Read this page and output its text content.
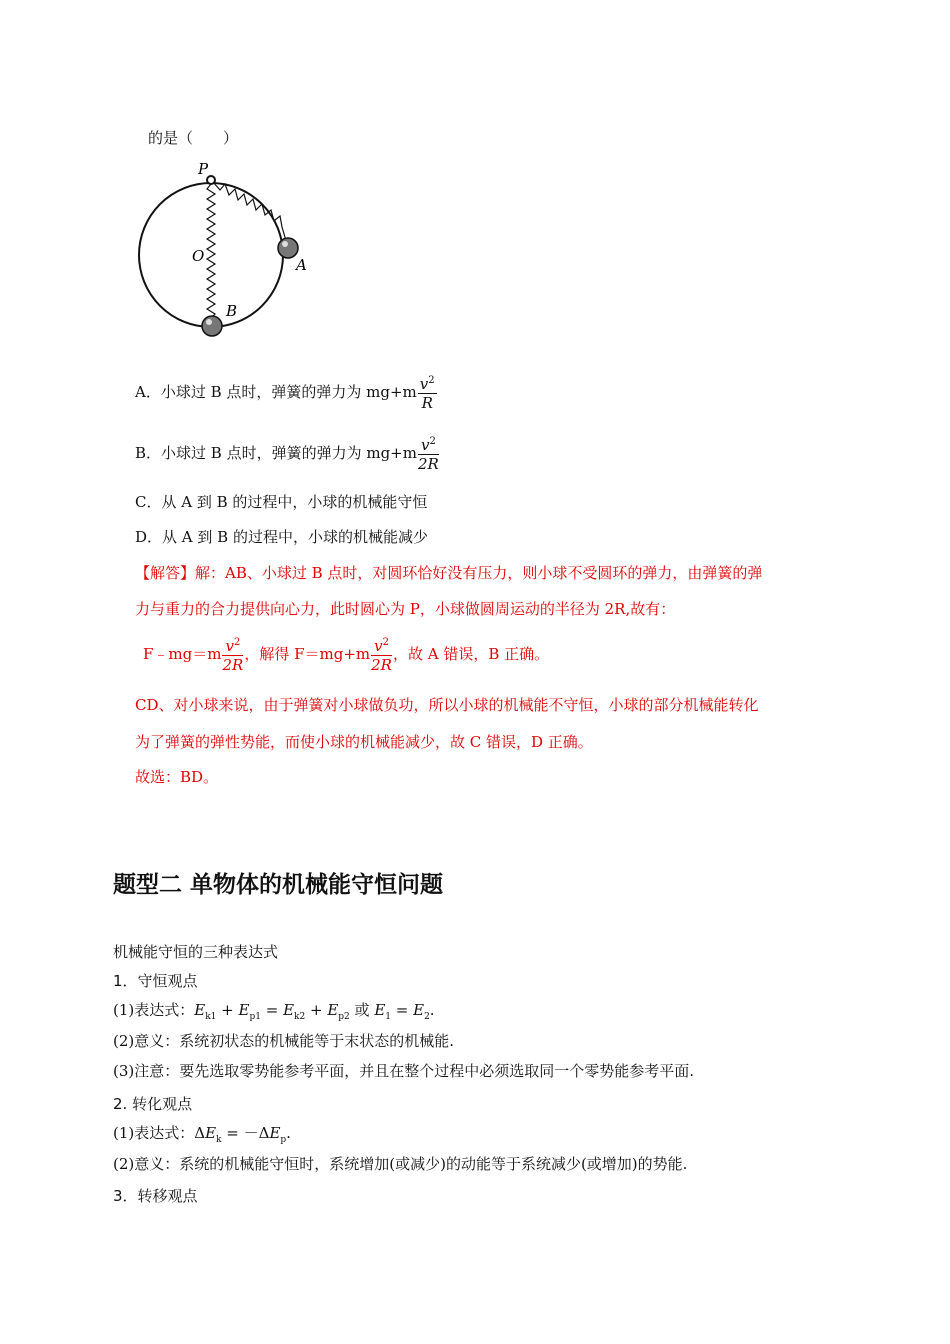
的是（　　）
P
O	A
B
A．小球过 B 点时，弹簧的弹力为 $mg+m \frac{v^2}{R}$
B．小球过 B 点时，弹簧的弹力为 $mg+m \frac{v^2}{2R}$
C．从 A 到 B 的过程中，小球的机械能守恒
D．从 A 到 B 的过程中，小球的机械能减少
【解答】解：AB、小球过 B 点时，对圆环恰好没有压力，则小球不受圆环的弹力，由弹簧的弹
力与重力的合力提供向心力，此时圆心为 P，小球做圆周运动的半径为 2R,故有：
F﹣mg＝m $\frac{v^2}{2R}$ ，解得 $F=mg+m \frac{v^2}{2R}$ ，故 A 错误，B 正确。
CD、对小球来说，由于弹簧对小球做负功，所以小球的机械能不守恒，小球的部分机械能转化
为了弹簧的弹性势能，而使小球的机械能减少，故 C 错误，D 正确。
故选：BD。
题型二 单物体的机械能守恒问题
机械能守恒的三种表达式
1．守恒观点
(1)表达式：$E_{k1} + E_{p1} = E_{k2} + E_{p2}$ 或 $E_1 = E_2$.
(2)意义：系统初状态的机械能等于末状态的机械能.
(3)注意：要先选取零势能参考平面，并且在整个过程中必须选取同一个零势能参考平面.
2. 转化观点
(1)表达式：$\Delta E_k = -\Delta E_p$.
(2)意义：系统的机械能守恒时，系统增加(或减少)的动能等于系统减少(或增加)的势能.
3．转移观点
